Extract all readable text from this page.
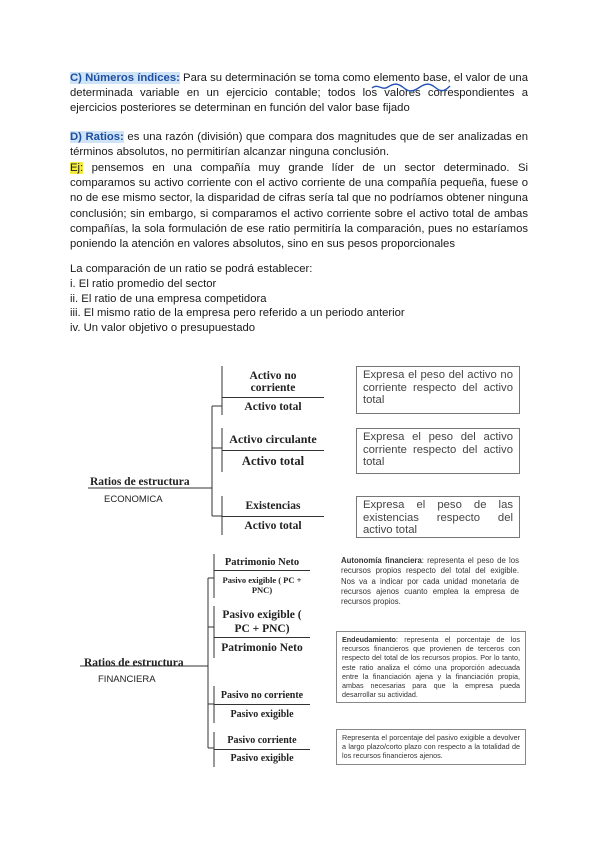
C) Números índices: Para su determinación se toma como elemento base, el valor de una determinada variable en un ejercicio contable; todos los valores correspondientes a ejercicios posteriores se determinan en función del valor base fijado
D) Ratios: es una razón (división) que compara dos magnitudes que de ser analizadas en términos absolutos, no permitirían alcanzar ninguna conclusión.
Ej: pensemos en una compañía muy grande líder de un sector determinado. Si comparamos su activo corriente con el activo corriente de una compañía pequeña, fuese o no de ese mismo sector, la disparidad de cifras sería tal que no podríamos obtener ninguna conclusión; sin embargo, si comparamos el activo corriente sobre el activo total de ambas compañías, la sola formulación de ese ratio permitiría la comparación, pues no estaríamos poniendo la atención en valores absolutos, sino en sus pesos proporcionales
La comparación de un ratio se podrá establecer:
i. El ratio promedio del sector
ii. El ratio de una empresa competidora
iii. El mismo ratio de la empresa pero referido a un periodo anterior
iv. Un valor objetivo o presupuestado
Ratios de estructura
ECONOMICA
Activo no corriente
Activo total
Activo circulante
Activo total
Existencias
Activo total
Expresa el peso del activo no corriente respecto del activo total
Expresa el peso del activo corriente respecto del activo total
Expresa el peso de las existencias respecto del activo total
Ratios de estructura
FINANCIERA
Patrimonio Neto
Pasivo exigible ( PC + PNC)
Pasivo exigible ( PC + PNC)
Patrimonio Neto
Pasivo no corriente
Pasivo exigible
Pasivo corriente
Pasivo exigible
Autonomía financiera: representa el peso de los recursos propios respecto del total del exigible. Nos va a indicar por cada unidad monetaria de recursos ajenos cuanto emplea la empresa de recursos propios.
Endeudamiento: representa el porcentaje de los recursos financieros que provienen de terceros con respecto del total de los recursos propios. Por lo tanto, este ratio analiza el cómo una proporción adecuada entre la financiación ajena y la financiación propia, ambas necesarias para que la empresa pueda desarrollar su actividad.
Representa el porcentaje del pasivo exigible a devolver a largo plazo/corto plazo con respecto a la totalidad de los recursos financieros ajenos.
